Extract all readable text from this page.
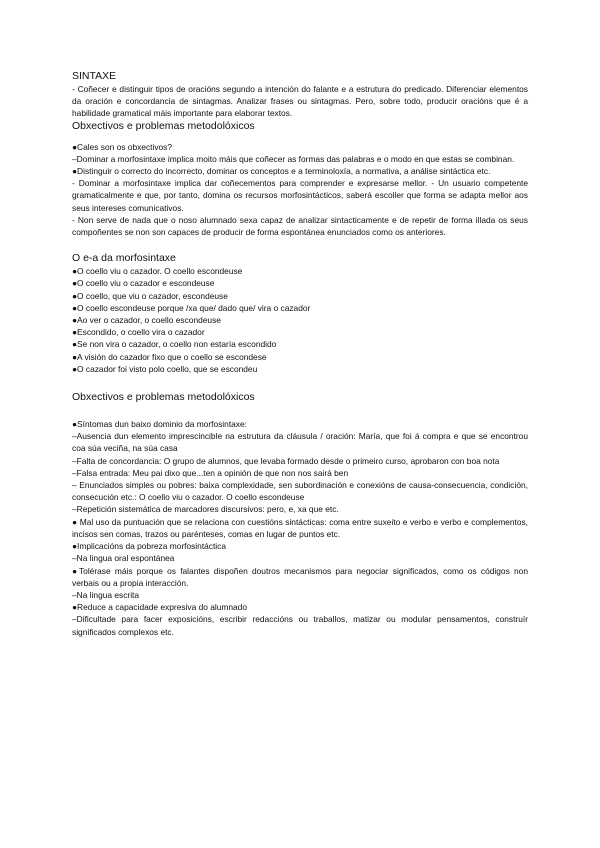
SINTAXE

- Coñecer e distinguir tipos de oracións segundo a intención do falante e a estrutura do predicado. Diferenciar elementos da oración e concordancia de sintagmas. Analizar frases ou sintagmas. Pero, sobre todo, producir oracións que é a habilidade gramatical máis importante para elaborar textos.

Obxectivos e problemas metodolóxicos

●Cales son os obxectivos?

–Dominar a morfosintaxe implica moito máis que coñecer as formas das palabras e o modo en que estas se combinan.

●Distinguir o correcto do incorrecto, dominar os conceptos e a terminoloxía, a normativa, a análise sintáctica etc.

- Dominar a morfosintaxe implica dar coñecementos para comprender e expresarse mellor. - Un usuario competente gramaticalmente e que, por tanto, domina os recursos morfosintácticos, saberá escoller que forma se adapta mellor aos seus intereses comunicativos.

- Non serve de nada que o noso alumnado sexa capaz de analizar sintacticamente e de repetir de forma illada os seus compoñentes se non son capaces de producir de forma espontánea enunciados como os anteriores.

O e-a da morfosintaxe

●O coello viu o cazador. O coello escondeuse

●O coello viu o cazador e escondeuse

●O coello, que viu o cazador, escondeuse

●O coello escondeuse porque /xa que/ dado que/ vira o cazador

●Ao ver o cazador, o coello escondeuse

●Escondido, o coello vira o cazador

●Se non vira o cazador, o coello non estaría escondido

●A visión do cazador fixo que o coello se escondese

●O cazador foi visto polo coello, que se escondeu

Obxectivos e problemas metodolóxicos

●Síntomas dun baixo dominio da morfosintaxe:

–Ausencia dun elemento imprescincible na estrutura da cláusula / oración: María, que foi á compra e que se encontrou coa súa veciña, na súa casa

–Falta de concordancia: O grupo de alumnos, que levaba formado desde o primeiro curso, aprobaron con boa nota

–Falsa entrada: Meu pai dixo que...ten a opinión de que non nos sairá ben

– Enunciados simples ou pobres: baixa complexidade, sen subordinación e conexións de causa-consecuencia, condición, consecución etc.: O coello viu o cazador. O coello escondeuse

–Repetición sistemática de marcadores discursivos: pero, e, xa que etc.

● Mal uso da puntuación que se relaciona con cuestións sintácticas: coma entre suxeito e verbo e verbo e complementos, incisos sen comas, trazos ou parénteses, comas en lugar de puntos etc.

●Implicacións da pobreza morfosintáctica

–Na lingua oral espontánea

●Tolérase máis porque os falantes dispoñen doutros mecanismos para negociar significados, como os códigos non verbais ou a propia interacción.

–Na lingua escrita

●Reduce a capacidade expresiva do alumnado

–Dificultade para facer exposicións, escribir redaccións ou traballos, matizar ou modular pensamentos, construír significados complexos etc.
